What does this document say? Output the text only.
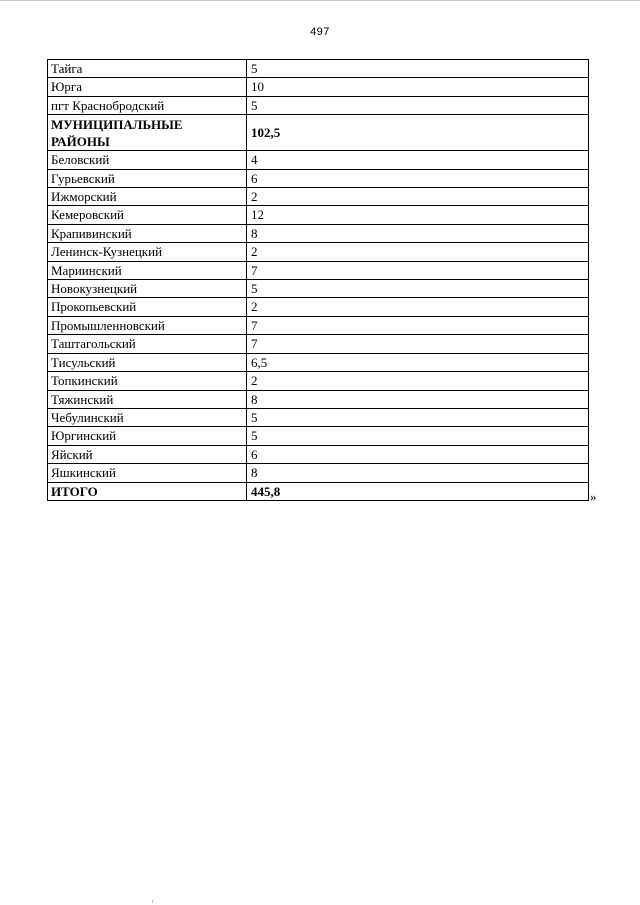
497
Тайга	5
Юрга	10
пгт Краснобродский	5
МУНИЦИПАЛЬНЫЕ РАЙОНЫ	102,5
Беловский	4
Гурьевский	6
Ижморский	2
Кемеровский	12
Крапивинский	8
Ленинск-Кузнецкий	2
Мариинский	7
Новокузнецкий	5
Прокопьевский	2
Промышленновский	7
Таштагольский	7
Тисульский	6,5
Топкинский	2
Тяжинский	8
Чебулинский	5
Юргинский	5
Яйский	6
Яшкинский	8
ИТОГО	445,8	»
